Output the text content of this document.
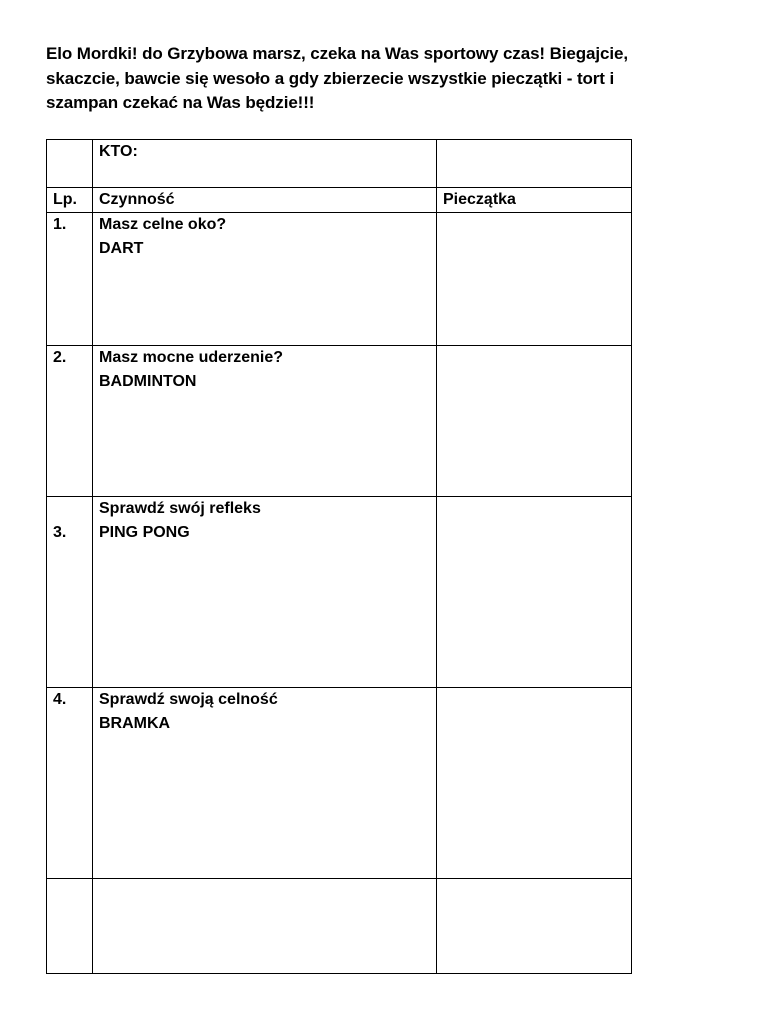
Elo Mordki! do Grzybowa marsz, czeka na Was sportowy czas! Biegajcie,
skaczcie, bawcie się wesoło a gdy zbierzecie wszystkie pieczątki - tort i
szampan czekać na Was będzie!!!
	KTO:	
Lp.	Czynność	Pieczątka
1.	Masz celne oko?
DART	

2.	Masz mocne uderzenie?
BADMINTON	

3.	Sprawdź swój refleks
PING PONG	

4.	Sprawdź swoją celność
BRAMKA	
